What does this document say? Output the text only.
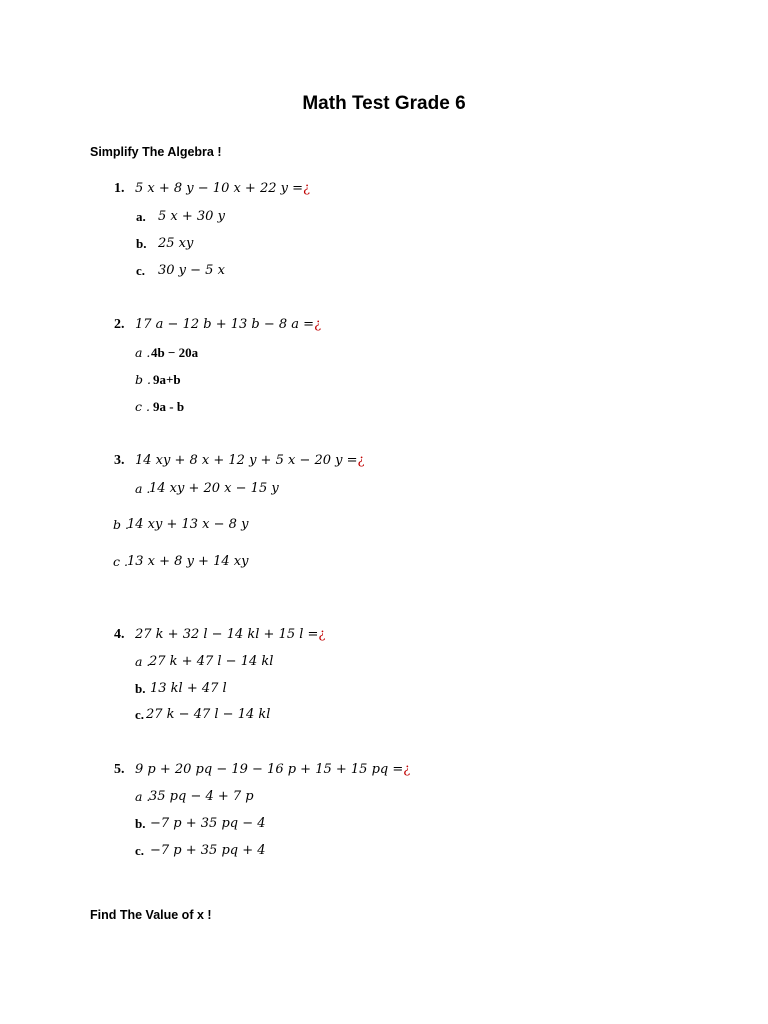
Math Test Grade 6
Simplify The Algebra !
1. 5 x + 8 y − 10 x + 22 y =¿
a. 5 x + 30 y
b. 25 xy
c. 30 y − 5 x
2. 17 a − 12 b + 13 b − 8 a =¿
a . 4b − 20a
b . 9a+b
c . 9a - b
3. 14 xy + 8 x + 12 y + 5 x − 20 y =¿
a .
14 xy + 20 x − 15 y
b .
14 xy + 13 x − 8 y
c . 13 x + 8 y + 14 xy
4. 27 k + 32 l − 14 kl + 15 l =¿
a .
27 k + 47 l − 14 kl
b. 13 kl + 47 l
c. 27 k − 47 l − 14 kl
5. 9 p + 20 pq − 19 − 16 p + 15 + 15 pq =¿
a .
35 pq − 4 + 7 p
b. −7 p + 35 pq − 4
c. −7 p + 35 pq + 4
Find The Value of x !
